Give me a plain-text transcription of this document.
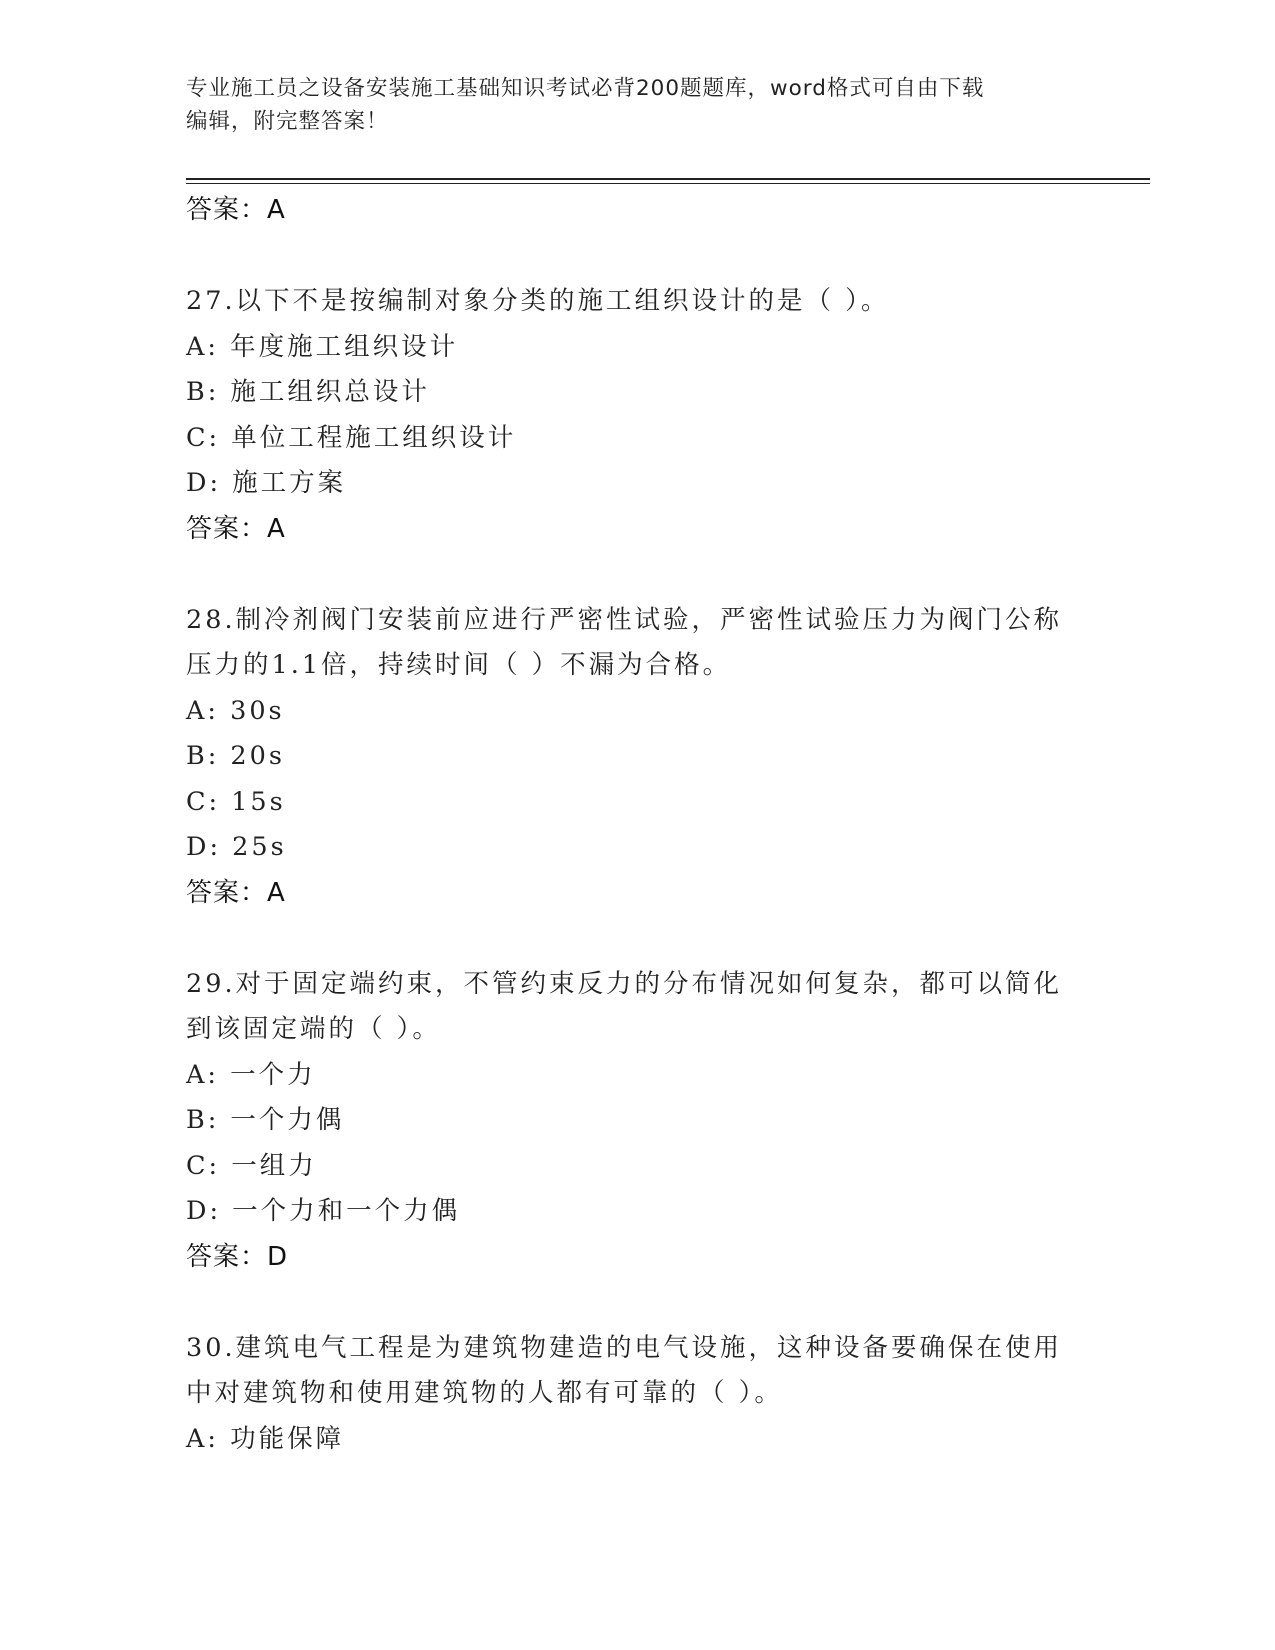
专业施工员之设备安装施工基础知识考试必背200题题库，word格式可自由下载
编辑，附完整答案！
答案：A
27.以下不是按编制对象分类的施工组织设计的是（ ）。
A: 年度施工组织设计
B: 施工组织总设计
C: 单位工程施工组织设计
D: 施工方案
答案：A
28.制冷剂阀门安装前应进行严密性试验，严密性试验压力为阀门公称
压力的1.1倍，持续时间（ ）不漏为合格。
A: 30s
B: 20s
C: 15s
D: 25s
答案：A
29.对于固定端约束，不管约束反力的分布情况如何复杂，都可以简化
到该固定端的（ ）。
A: 一个力
B: 一个力偶
C: 一组力
D: 一个力和一个力偶
答案：D
30.建筑电气工程是为建筑物建造的电气设施，这种设备要确保在使用
中对建筑物和使用建筑物的人都有可靠的（ ）。
A: 功能保障
